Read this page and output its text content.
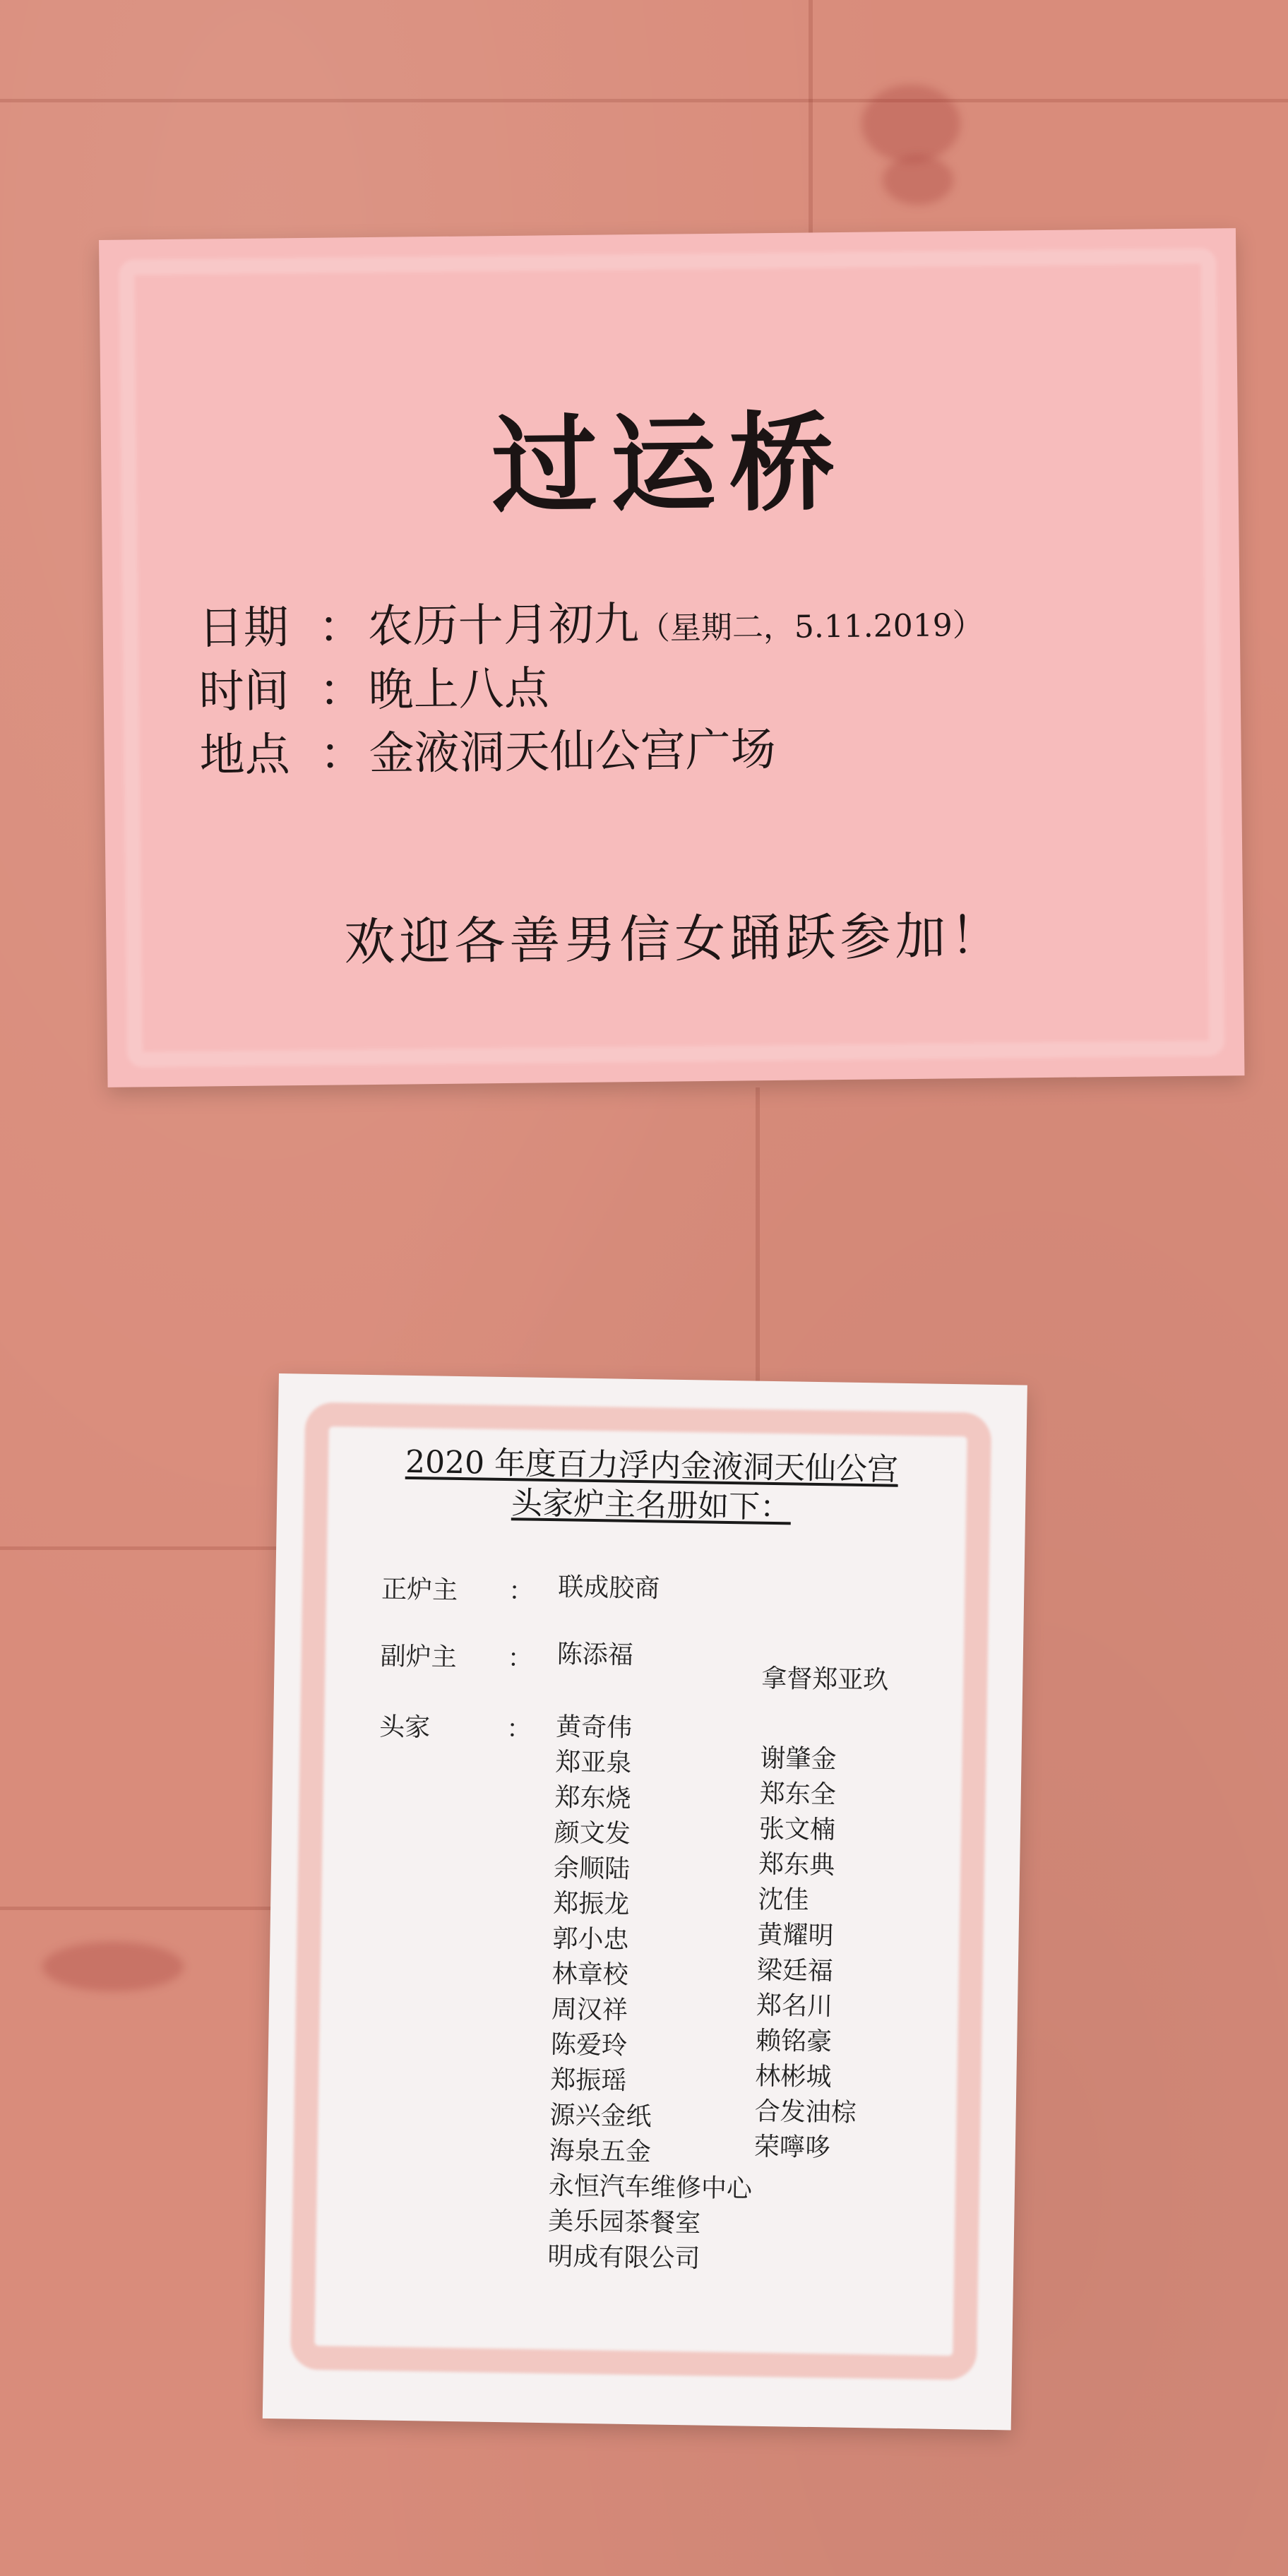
过运桥
日期 ：农历十月初九（星期二，5.11.2019）
时间 ：晚上八点
地点 ：金液洞天仙公宫广场
欢迎各善男信女踊跃参加！
2020 年度百力浮内金液洞天仙公宫
头家炉主名册如下：
正炉主 ： 联成胶商
副炉主 ： 陈添福
拿督郑亚玖
头家	： 黄奇伟
郑亚泉
郑东烧
颜文发
余顺陆
郑振龙
郭小忠
林章校
周汉祥
陈爱玲
郑振瑶
源兴金纸
海泉五金
永恒汽车维修中心
美乐园茶餐室
明成有限公司
谢肇金
郑东全
张文楠
郑东典
沈佳
黄耀明
梁廷福
郑名川
赖铭豪
林彬城
合发油棕
荣嚀哆
